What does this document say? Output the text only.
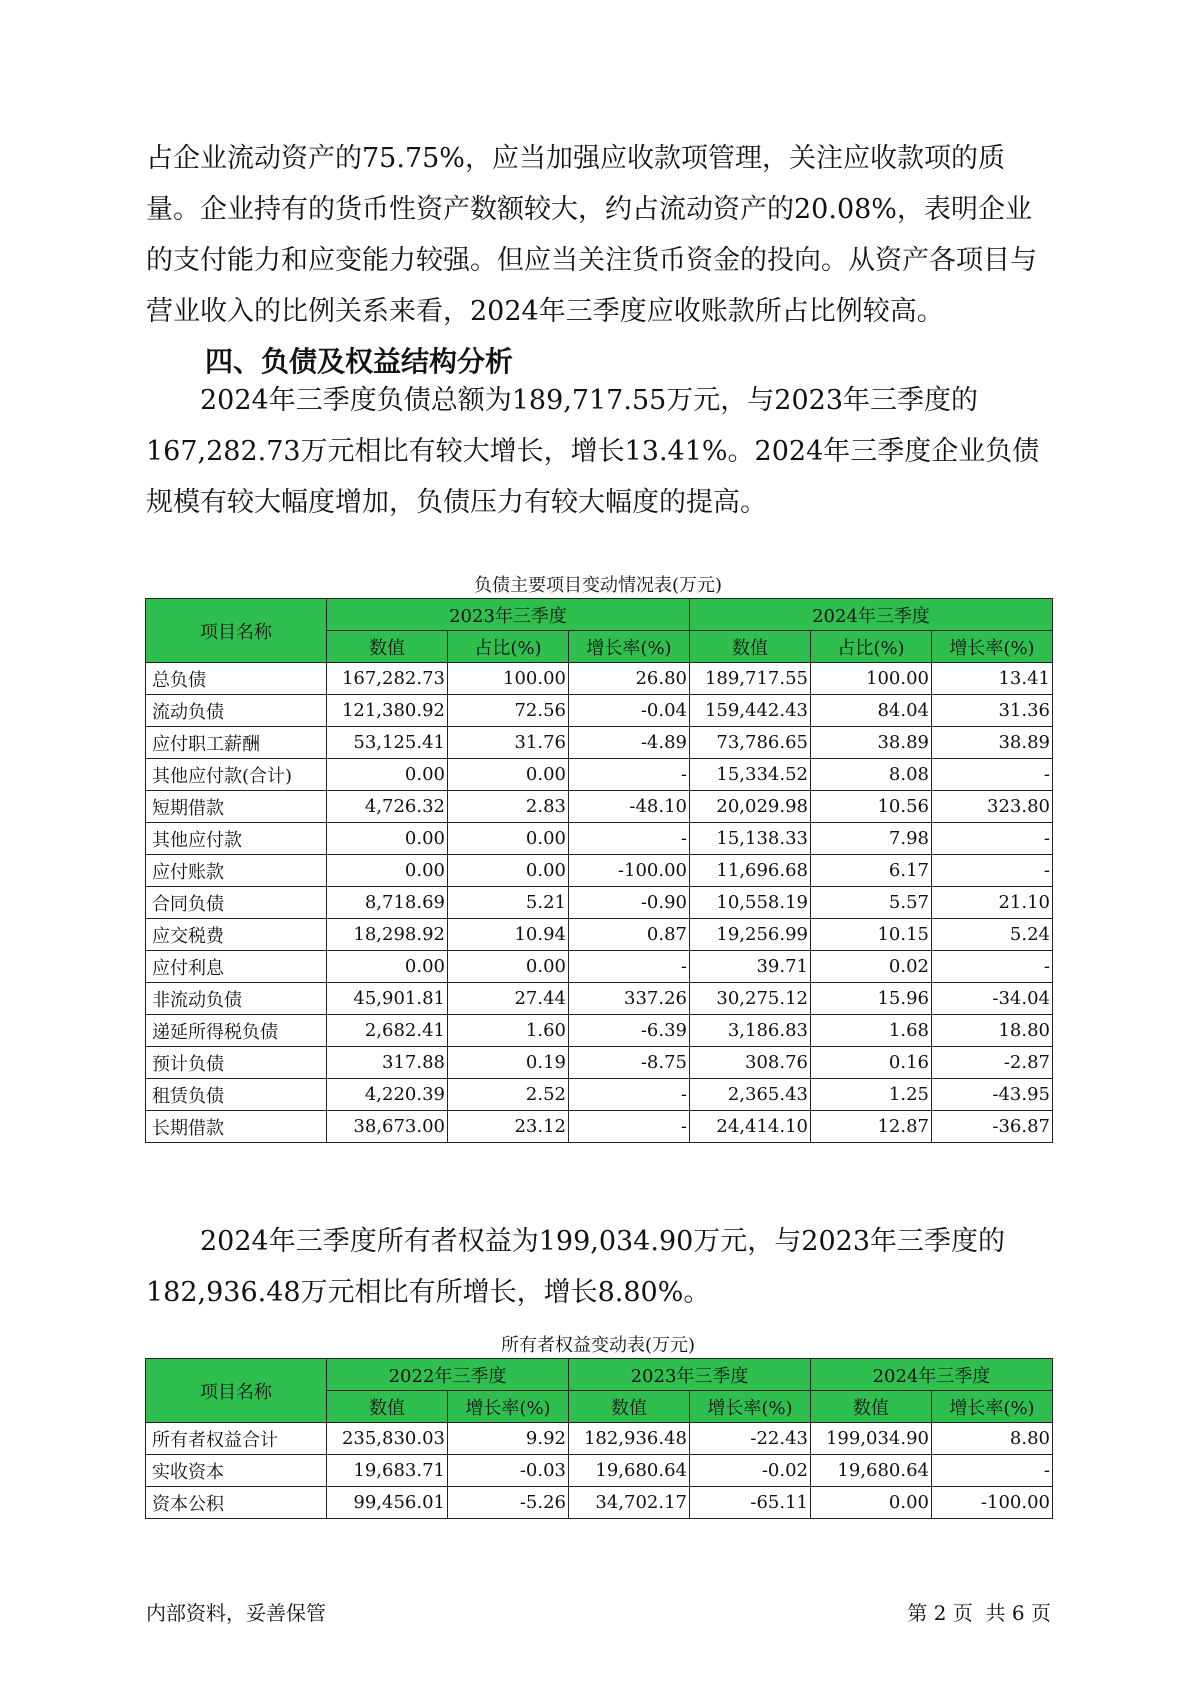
占企业流动资产的75.75%，应当加强应收款项管理，关注应收款项的质量。企业持有的货币性资产数额较大，约占流动资产的20.08%，表明企业的支付能力和应变能力较强。但应当关注货币资金的投向。从资产各项目与营业收入的比例关系来看，2024年三季度应收账款所占比例较高。

四、负债及权益结构分析

2024年三季度负债总额为189,717.55万元，与2023年三季度的167,282.73万元相比有较大增长，增长13.41%。2024年三季度企业负债规模有较大幅度增加，负债压力有较大幅度的提高。

负债主要项目变动情况表(万元)

项目名称	2023年三季度			2024年三季度		
	数值	占比(%)	增长率(%)	数值	占比(%)	增长率(%)
总负债	167,282.73	100.00	26.80	189,717.55	100.00	13.41
流动负债	121,380.92	72.56	-0.04	159,442.43	84.04	31.36
应付职工薪酬	53,125.41	31.76	-4.89	73,786.65	38.89	38.89
其他应付款(合计)	0.00	0.00	-	15,334.52	8.08	-
短期借款	4,726.32	2.83	-48.10	20,029.98	10.56	323.80
其他应付款	0.00	0.00	-	15,138.33	7.98	-
应付账款	0.00	0.00	-100.00	11,696.68	6.17	-
合同负债	8,718.69	5.21	-0.90	10,558.19	5.57	21.10
应交税费	18,298.92	10.94	0.87	19,256.99	10.15	5.24
应付利息	0.00	0.00	-	39.71	0.02	-
非流动负债	45,901.81	27.44	337.26	30,275.12	15.96	-34.04
递延所得税负债	2,682.41	1.60	-6.39	3,186.83	1.68	18.80
预计负债	317.88	0.19	-8.75	308.76	0.16	-2.87
租赁负债	4,220.39	2.52	-	2,365.43	1.25	-43.95
长期借款	38,673.00	23.12	-	24,414.10	12.87	-36.87

2024年三季度所有者权益为199,034.90万元，与2023年三季度的182,936.48万元相比有所增长，增长8.80%。

所有者权益变动表(万元)

项目名称	2022年三季度		2023年三季度		2024年三季度	
	数值	增长率(%)	数值	增长率(%)	数值	增长率(%)
所有者权益合计	235,830.03	9.92	182,936.48	-22.43	199,034.90	8.80
实收资本	19,683.71	-0.03	19,680.64	-0.02	19,680.64	-
资本公积	99,456.01	-5.26	34,702.17	-65.11	0.00	-100.00

内部资料，妥善保管	第 2 页  共 6 页
